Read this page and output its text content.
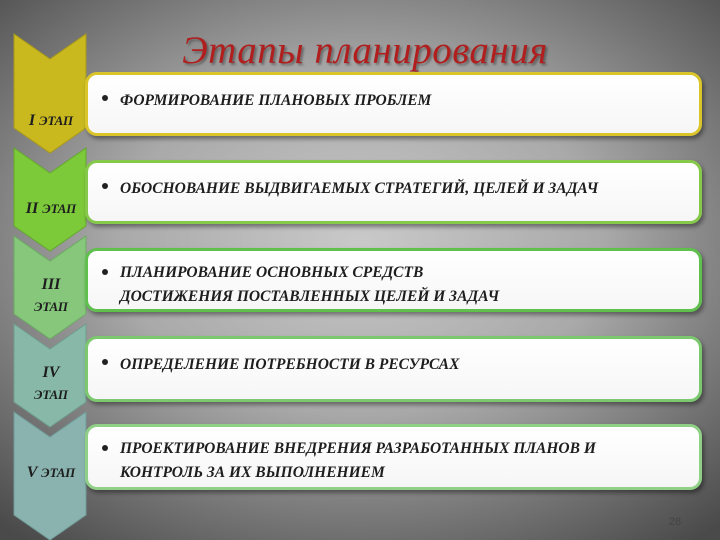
Этапы планирования
I ЭТАП
II ЭТАП
III
ЭТАП
IV
ЭТАП
V ЭТАП
ФОРМИРОВАНИЕ ПЛАНОВЫХ ПРОБЛЕМ
ОБОСНОВАНИЕ ВЫДВИГАЕМЫХ СТРАТЕГИЙ, ЦЕЛЕЙ И ЗАДАЧ
ПЛАНИРОВАНИЕ ОСНОВНЫХ СРЕДСТВ ДОСТИЖЕНИЯ ПОСТАВЛЕННЫХ ЦЕЛЕЙ И ЗАДАЧ
ОПРЕДЕЛЕНИЕ ПОТРЕБНОСТИ В РЕСУРСАХ
ПРОЕКТИРОВАНИЕ ВНЕДРЕНИЯ РАЗРАБОТАННЫХ ПЛАНОВ И КОНТРОЛЬ ЗА ИХ ВЫПОЛНЕНИЕМ
28
